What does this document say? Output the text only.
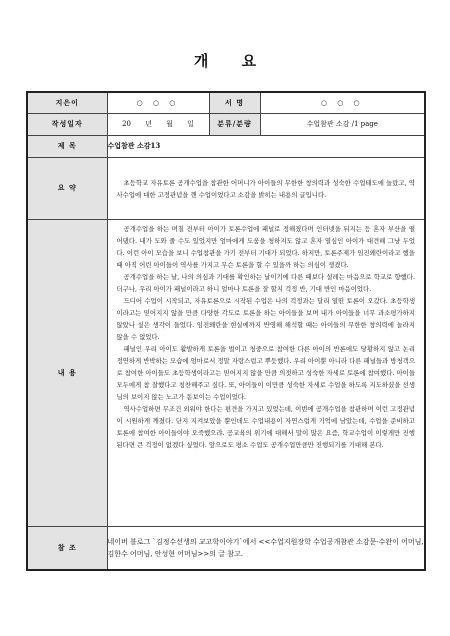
개 요
지은이	○ ○ ○	서 명	○ ○ ○
작성일자	20 년 월 일	분류/분량	수업참관 소감 /1 page
제 목	수업참관 소감13		
요 약	초등학교 자유토론 공개수업을 참관한 어머니가 아이들의 무한한 창의력과 성숙한 수업태도에 놀랐고, 역사수업에 대한 고정관념을 깬 수업이었다고 소감을 밝히는 내용의 글입니다.		

내 용	공개수업을 하는 며칠 전부터 아이가 토론수업에 패널로 정해졌다며 인터넷을 뒤지는 등 혼자 부산을 떨어댔다. 내가 도와 줄 수도 있었지만 엄마에게 도움을 청하지도 않고 혼자 열심인 아이가 대견해 그냥 두었다. 이런 아이 모습을 보니 수업참관을 가기 전부터 기대가 되었다. 하지만, 토론주제가 임진왜란이라고 했을 때 아직 어린 아이들이 역사를 가지고 무슨 토론을 할 수 있을까 하는 의심이 생겼다.

공개수업을 하는 날, 나의 의심과 기대를 확인하는 날이기에 다른 때보다 설레는 마음으로 학교로 향했다. 더구나, 우리 아이가 패널이라고 하니 얼마나 토론을 잘 할지 걱정 반, 기대 반인 마음이었다.

드디어 수업이 시작되고, 자유토론으로 시작된 수업은 나의 걱정과는 달리 열띤 토론이 오갔다. 초등학생이라고는 믿어지지 않을 만큼 다양한 각도로 토론을 하는 아이들을 보며 내가 아이들을 너무 과소평가하지 않았나 싶은 생각이 들었다. 임진왜란을 현실에까지 반영해 해석할 때는 아이들의 무한한 창의력에 놀라지 않을 수 없었다.

패널인 우리 아이도 활발하게 토론을 벌이고 청중으로 참여한 다른 아이의 반론에도 당황하지 않고 논리 정연하게 반박하는 모습에 엄마로서 정말 자랑스럽고 뿌듯했다. 우리 아이뿐 아니라 다른 패널들과 방청객으로 참여한 아이들도 초등학생이라고는 믿어지지 않을 만큼 의젓하고 성숙한 자세로 토론에 참여했다. 아이들 모두에게 참 잘했다고 칭찬해주고 싶다. 또, 아이들이 이만큼 성숙한 자세로 수업을 하도록 지도하셨을 선생님의 보이지 않는 노고가 돋보이는 수업이었다.

역사수업하면 무조건 외워야 한다는 편견을 가지고 있었는데, 이번에 공개수업을 참관하며 이런 고정관념이 시원하게 깨졌다. 단지 지켜보았을 뿐인데도 수업내용이 자연스럽게 기억에 남았는데, 수업을 준비하고 토론에 참여한 아이들이야 오죽했으랴. 공교육의 위기에 대해서 말이 많은 요즘, 학교수업이 이렇게만 진행된다면 큰 걱정이 없겠다 싶었다. 앞으로도 평소 수업도 공개수업만큼만 진행되기를 기대해 본다.		

참 조	네이버 블로그 `김정수선생의 교고학이야기`에서 <<수업지원장학 수업공개참관 소감문-수완이 어머님, 김한수 어머님, 안성현 어머님>>의 글 참고.		
